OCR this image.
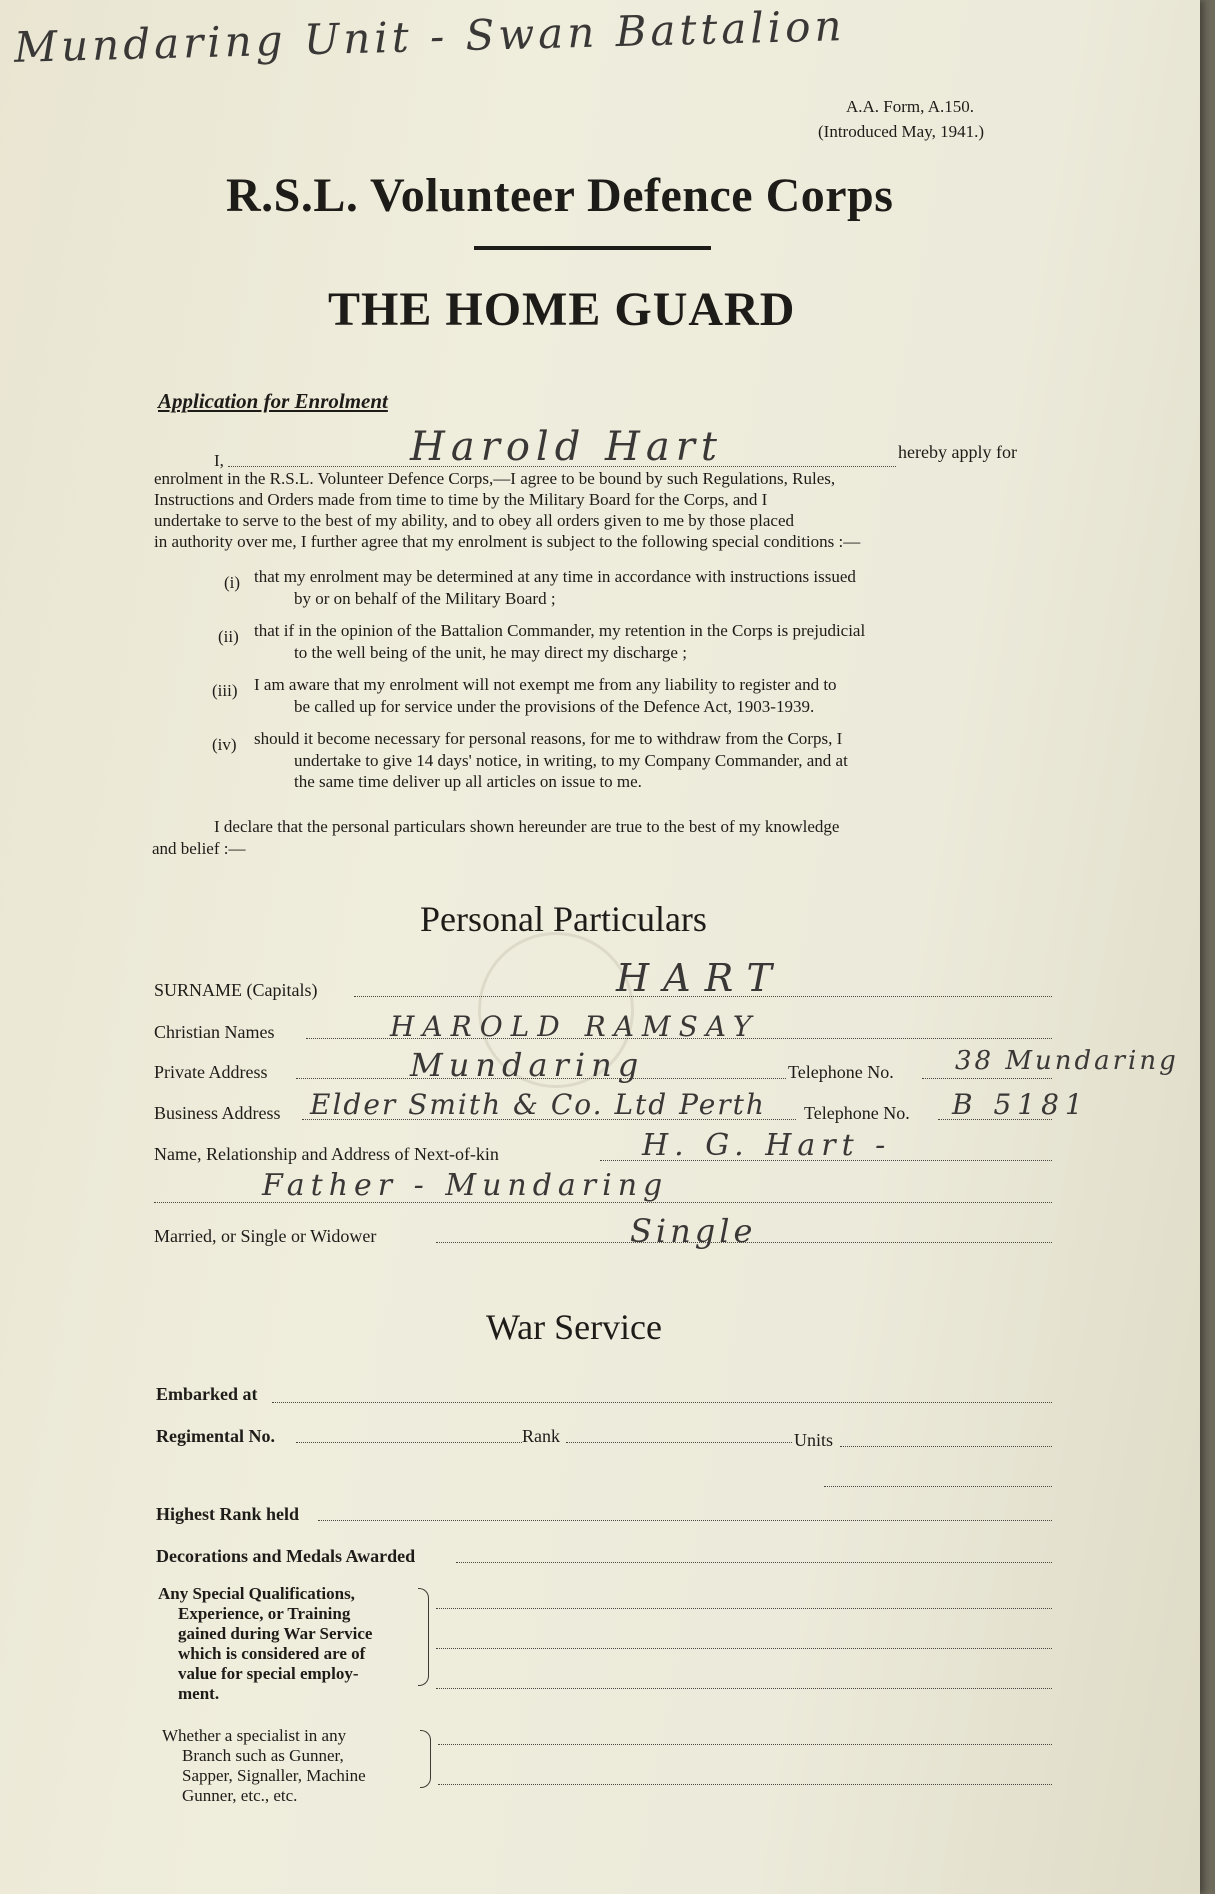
Mundaring Unit - Swan Battalion
A.A. Form, A.150.
(Introduced May, 1941.)
R.S.L. Volunteer Defence Corps
THE HOME GUARD
Application for Enrolment
I,	Harold Hart	hereby apply for
enrolment in the R.S.L. Volunteer Defence Corps,—I agree to be bound by such Regulations, Rules,
Instructions and Orders made from time to time by the Military Board for the Corps, and I
undertake to serve to the best of my ability, and to obey all orders given to me by those placed
in authority over me, I further agree that my enrolment is subject to the following special conditions :—
(i) that my enrolment may be determined at any time in accordance with instructions issued
by or on behalf of the Military Board ;
(ii) that if in the opinion of the Battalion Commander, my retention in the Corps is prejudicial
to the well being of the unit, he may direct my discharge ;
(iii) I am aware that my enrolment will not exempt me from any liability to register and to
be called up for service under the provisions of the Defence Act, 1903-1939.
(iv) should it become necessary for personal reasons, for me to withdraw from the Corps, I
undertake to give 14 days' notice, in writing, to my Company Commander, and at
the same time deliver up all articles on issue to me.
I declare that the personal particulars shown hereunder are true to the best of my knowledge
and belief :—
Personal Particulars
SURNAME (Capitals)	HART
Christian Names	HAROLD RAMSAY
Private Address	Mundaring	Telephone No. 38 Mundaring
Business Address Elder Smith & Co. Ltd Perth Telephone No. B 5181
Name, Relationship and Address of Next-of-kin	H. G. Hart -
Father - Mundaring
Married, or Single or Widower	Single
War Service
Embarked at
Regimental No.	Rank	Units
Highest Rank held
Decorations and Medals Awarded
Any Special Qualifications,
Experience, or Training
gained during War Service
which is considered are of
value for special employ-
ment.
Whether a specialist in any
Branch such as Gunner,
Sapper, Signaller, Machine
Gunner, etc., etc.
